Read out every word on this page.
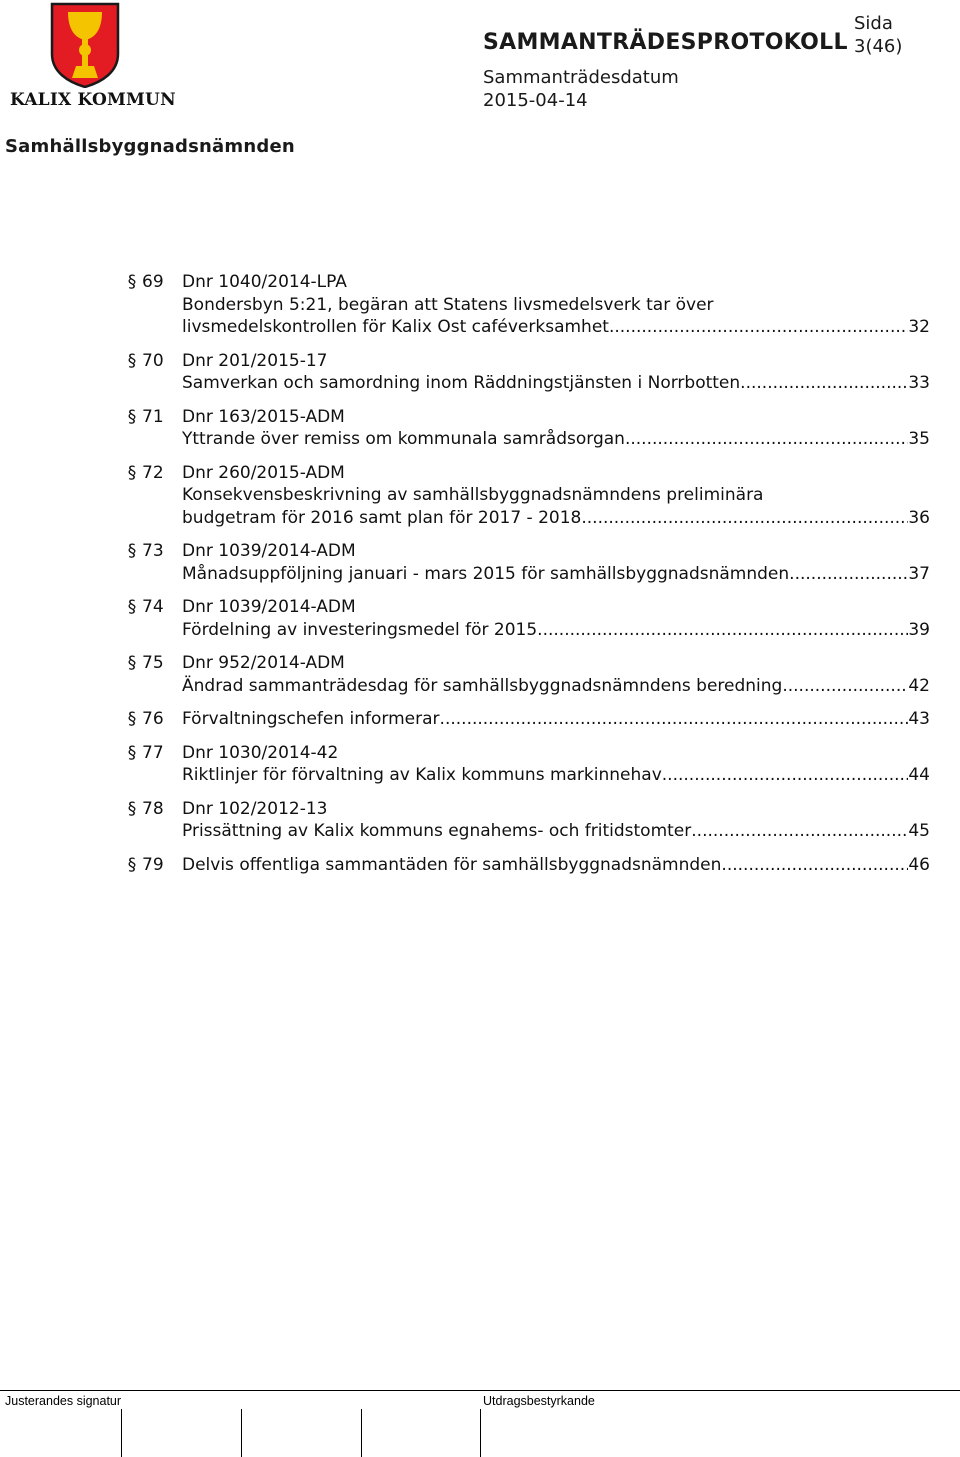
KALIX KOMMUN
SAMMANTRÄDESPROTOKOLL
Sida
3(46)
Sammanträdesdatum
2015-04-14
Samhällsbyggnadsnämnden
§ 69 Dnr 1040/2014-LPA
Bondersbyn 5:21, begäran att Statens livsmedelsverk tar över
livsmedelskontrollen för Kalix Ost caféverksamhet .....	32
§ 70 Dnr 201/2015-17
Samverkan och samordning inom Räddningstjänsten i Norrbotten .....	33
§ 71 Dnr 163/2015-ADM
Yttrande över remiss om kommunala samrådsorgan .....	35
§ 72 Dnr 260/2015-ADM
Konsekvensbeskrivning av samhällsbyggnadsnämndens preliminära
budgetram för 2016 samt plan för 2017 - 2018 .....	36
§ 73 Dnr 1039/2014-ADM
Månadsuppföljning januari - mars 2015 för samhällsbyggnadsnämnden .....	37
§ 74 Dnr 1039/2014-ADM
Fördelning av investeringsmedel för 2015 .....	39
§ 75 Dnr 952/2014-ADM
Ändrad sammanträdesdag för samhällsbyggnadsnämndens beredning .....	42
§ 76 Förvaltningschefen informerar .....	43
§ 77 Dnr 1030/2014-42
Riktlinjer för förvaltning av Kalix kommuns markinnehav .....	44
§ 78 Dnr 102/2012-13
Prissättning av Kalix kommuns egnahems- och fritidstomter .....	45
§ 79 Delvis offentliga sammantäden för samhällsbyggnadsnämnden .....	46
Justerandes signatur	Utdragsbestyrkande
